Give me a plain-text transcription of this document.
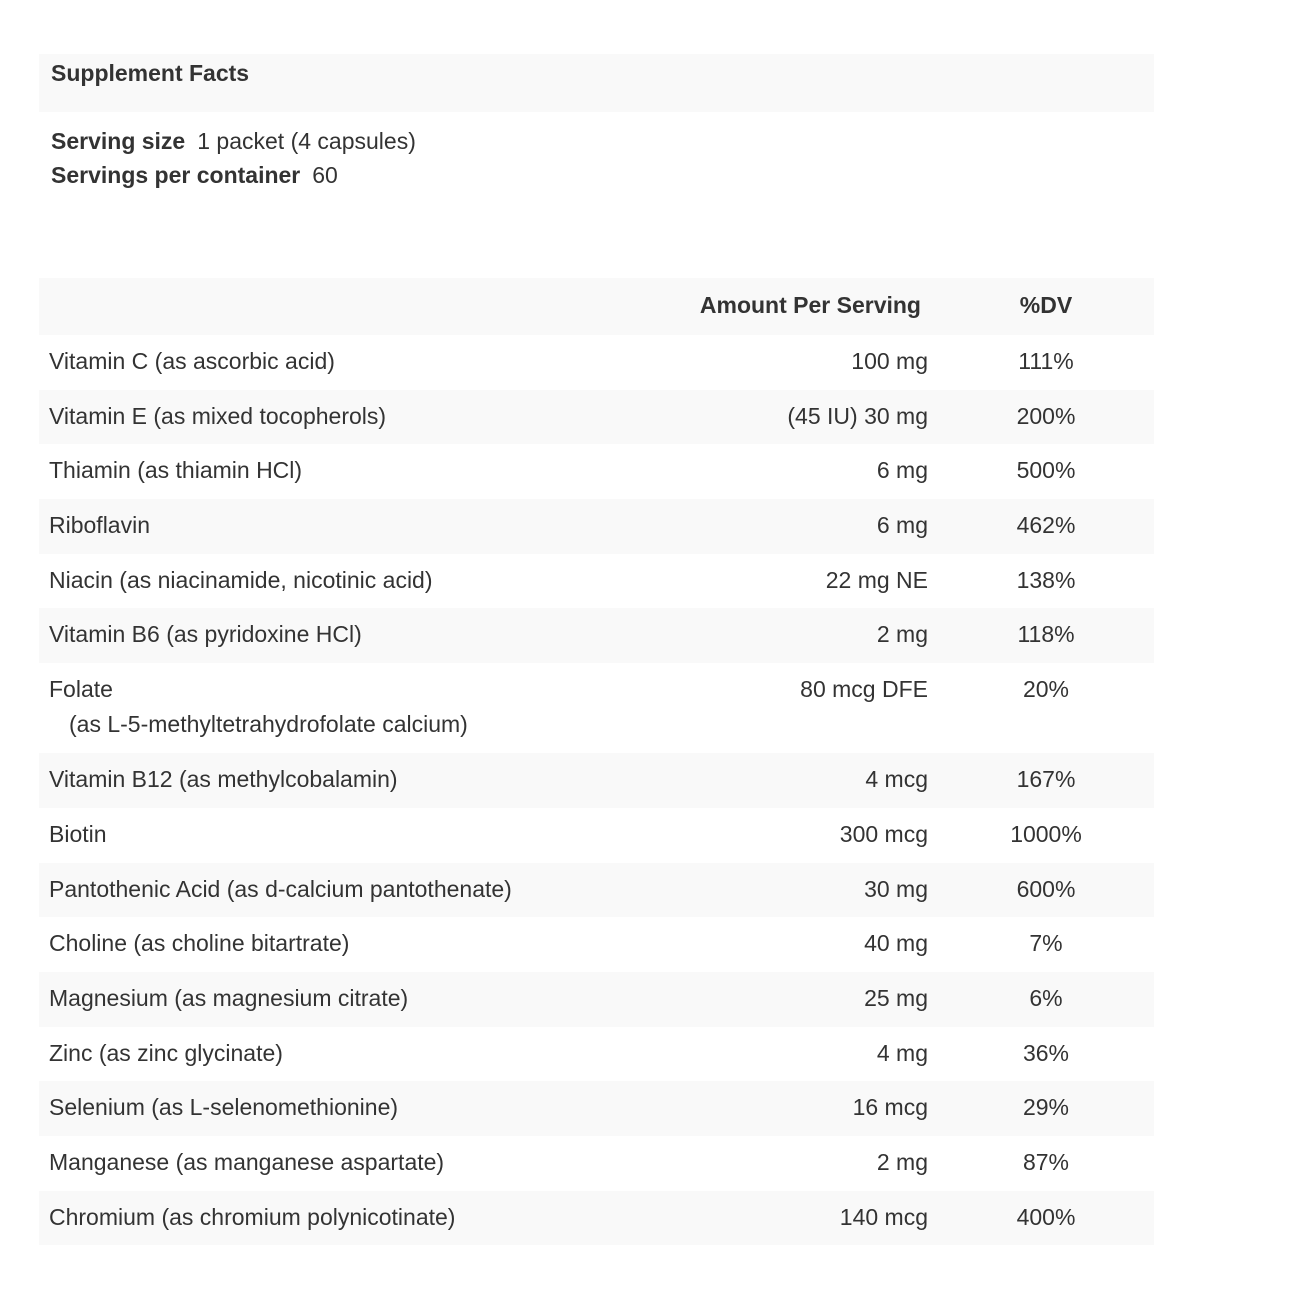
Supplement Facts
Serving size 1 packet (4 capsules)
Servings per container 60
Amount Per Serving	%DV
Vitamin C (as ascorbic acid)	100 mg	111%
Vitamin E (as mixed tocopherols)	(45 IU) 30 mg	200%
Thiamin (as thiamin HCl)	6 mg	500%
Riboflavin	6 mg	462%
Niacin (as niacinamide, nicotinic acid)	22 mg NE	138%
Vitamin B6 (as pyridoxine HCl)	2 mg	118%
Folate
(as L-5-methyltetrahydrofolate calcium)
80 mcg DFE	20%
Vitamin B12 (as methylcobalamin)	4 mcg	167%
Biotin	300 mcg	1000%
Pantothenic Acid (as d-calcium pantothenate)	30 mg	600%
Choline (as choline bitartrate)	40 mg	7%
Magnesium (as magnesium citrate)	25 mg	6%
Zinc (as zinc glycinate)	4 mg	36%
Selenium (as L-selenomethionine)	16 mcg	29%
Manganese (as manganese aspartate)	2 mg	87%
Chromium (as chromium polynicotinate)	140 mcg	400%
